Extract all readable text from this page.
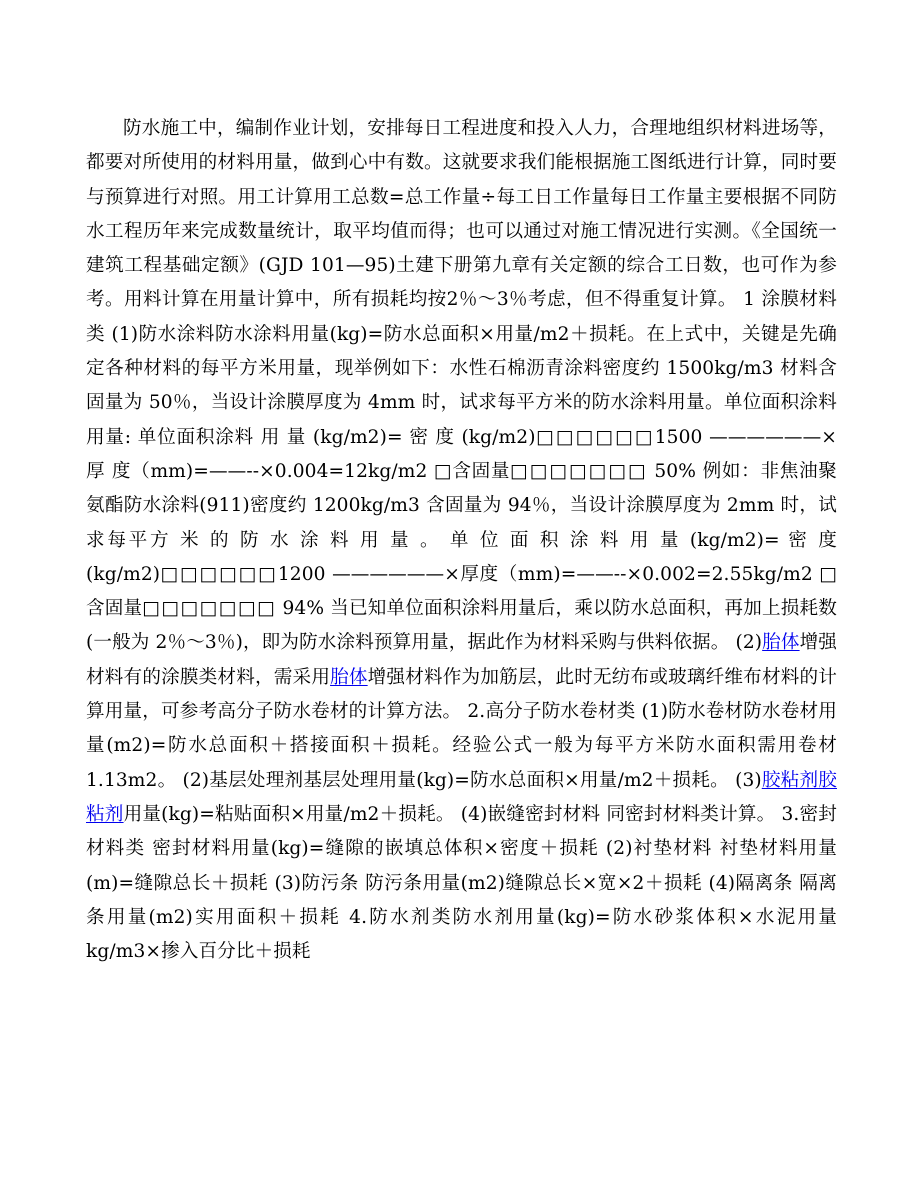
防水施工中，编制作业计划，安排每日工程进度和投入人力，合理地组织材料进场等，都要对所使用的材料用量，做到心中有数。这就要求我们能根据施工图纸进行计算，同时要与预算进行对照。用工计算用工总数=总工作量÷每工日工作量每日工作量主要根据不同防水工程历年来完成数量统计，取平均值而得；也可以通过对施工情况进行实测。《全国统一建筑工程基础定额》(GJD 101—95)土建下册第九章有关定额的综合工日数，也可作为参考。用料计算在用量计算中，所有损耗均按2％～3％考虑，但不得重复计算。 1 涂膜材料类 (1)防水涂料防水涂料用量(kg)=防水总面积×用量/m2＋损耗。在上式中，关键是先确定各种材料的每平方米用量，现举例如下：水性石棉沥青涂料密度约 1500kg/m3 材料含固量为 50％，当设计涂膜厚度为 4mm 时，试求每平方米的防水涂料用量。单位面积涂料用量: 单位面积涂料 用 量 (kg/m2)= 密 度 (kg/m2)□□□□□□1500 ——————× 厚 度（mm)=——--×0.004=12kg/m2 □含固量□□□□□□□ 50% 例如：非焦油聚氨酯防水涂料(911)密度约 1200kg/m3 含固量为 94％，当设计涂膜厚度为 2mm 时，试求每平方 米 的 防 水 涂 料 用 量 。 单 位 面 积 涂 料 用 量 (kg/m2)= 密 度 (kg/m2)□□□□□□1200 ——————×厚度（mm)=——--×0.002=2.55kg/m2 □含固量□□□□□□□ 94% 当已知单位面积涂料用量后，乘以防水总面积，再加上损耗数 (一般为 2％～3％)，即为防水涂料预算用量，据此作为材料采购与供料依据。 (2)胎体增强材料有的涂膜类材料，需采用胎体增强材料作为加筋层，此时无纺布或玻璃纤维布材料的计算用量，可参考高分子防水卷材的计算方法。 2.高分子防水卷材类 (1)防水卷材防水卷材用量(m2)=防水总面积＋搭接面积＋损耗。经验公式一般为每平方米防水面积需用卷材 1.13m2。 (2)基层处理剂基层处理用量(kg)=防水总面积×用量/m2＋损耗。 (3)胶粘剂胶粘剂用量(kg)=粘贴面积×用量/m2＋损耗。 (4)嵌缝密封材料 同密封材料类计算。 3.密封材料类 密封材料用量(kg)=缝隙的嵌填总体积×密度＋损耗 (2)衬垫材料 衬垫材料用量(m)=缝隙总长＋损耗 (3)防污条 防污条用量(m2)缝隙总长×宽×2＋损耗 (4)隔离条 隔离条用量(m2)实用面积＋损耗 4.防水剂类防水剂用量(kg)=防水砂浆体积×水泥用量 kg/m3×掺入百分比＋损耗
